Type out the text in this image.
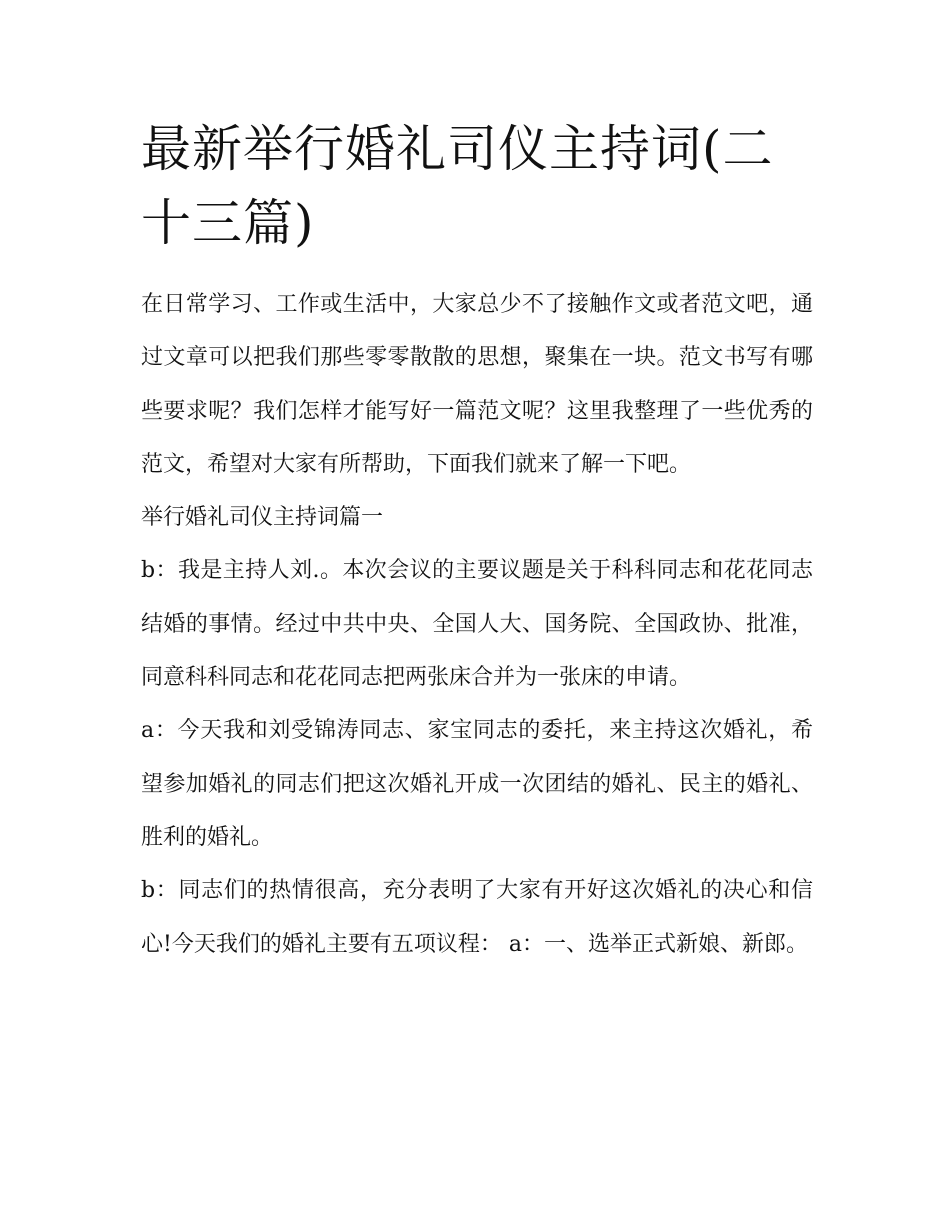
最新举行婚礼司仪主持词(二十三篇)

在日常学习、工作或生活中，大家总少不了接触作文或者范文吧，通过文章可以把我们那些零零散散的思想，聚集在一块。范文书写有哪些要求呢？我们怎样才能写好一篇范文呢？这里我整理了一些优秀的范文，希望对大家有所帮助，下面我们就来了解一下吧。

举行婚礼司仪主持词篇一

b：我是主持人刘.。本次会议的主要议题是关于科科同志和花花同志结婚的事情。经过中共中央、全国人大、国务院、全国政协、批准，同意科科同志和花花同志把两张床合并为一张床的申请。

a：今天我和刘受锦涛同志、家宝同志的委托，来主持这次婚礼，希望参加婚礼的同志们把这次婚礼开成一次团结的婚礼、民主的婚礼、胜利的婚礼。

b：同志们的热情很高，充分表明了大家有开好这次婚礼的决心和信心!今天我们的婚礼主要有五项议程： a：一、选举正式新娘、新郎。
